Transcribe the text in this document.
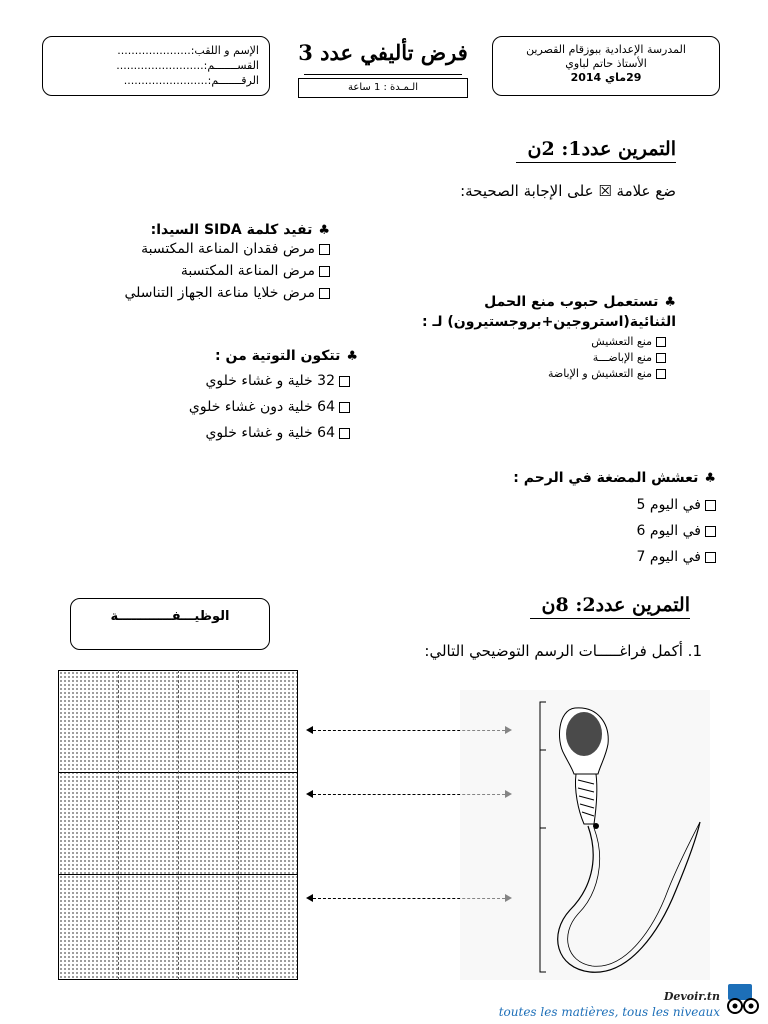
الإسم و اللقب:.....................
القســـــــم:.........................
الرقـــــــم:........................
فرض تأليفي عدد 3
الـمـدة : 1 ساعة
المدرسة الإعدادية ببوزقام القصرين
الأستاذ حاتم لباوي
29ماي 2014
التمرين عدد1: 2ن
ضع علامة ☒ على الإجابة الصحيحة:
♣تفيد كلمة SIDA السيدا:
مرض فقدان المناعة المكتسبة
مرض المناعة المكتسبة
مرض خلايا مناعة الجهاز التناسلي
♣تستعمل حبوب منع الحمل
الثنائية(استروجين+بروجستيرون) لـ :
منع التعشيش
منع الإباضـــة
منع التعشيش و الإباضة
♣تتكون التوتية من :
32 خلية و غشاء خلوي
64 خلية دون غشاء خلوي
64 خلية و غشاء خلوي
♣تعشش المضغة في الرحم :
في اليوم 5
في اليوم 6
في اليوم 7
التمرين عدد2: 8ن
1. أكمل فراغـــــات الرسم التوضيحي التالي:
الوظيـــفــــــــــــة
Devoir.tn
toutes les matières, tous les niveaux
